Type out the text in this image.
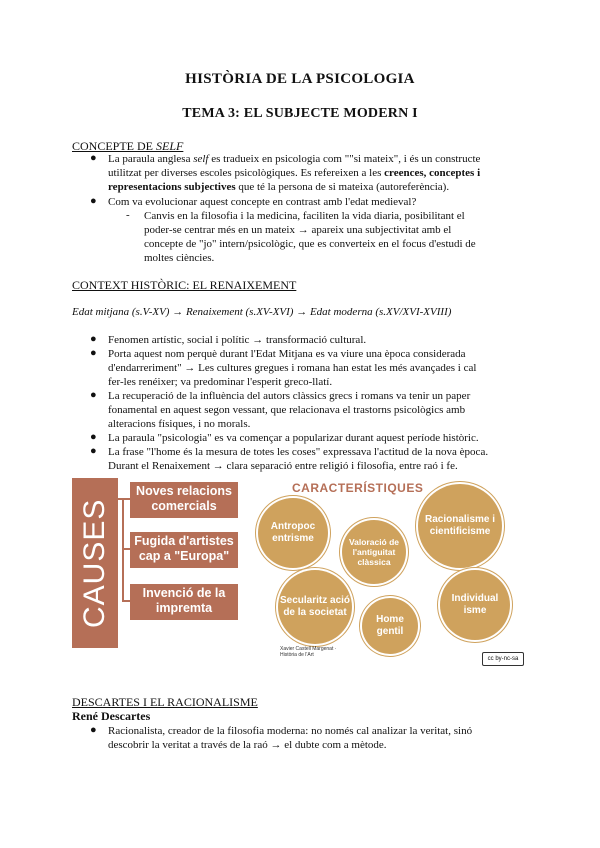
HISTÒRIA DE LA PSICOLOGIA
TEMA 3: EL SUBJECTE MODERN I
CONCEPTE DE SELF
● La paraula anglesa self es tradueix en psicologia com ""si mateix", i és un constructe
utilitzat per diverses escoles psicològiques. Es refereixen a les creences, conceptes i
representacions subjectives que té la persona de si mateixa (autoreferència).
● Com va evolucionar aquest concepte en contrast amb l'edat medieval?
- Canvis en la filosofia i la medicina, faciliten la vida diaria, posibilitant el
poder-se centrar més en un mateix → apareix una subjectivitat amb el
concepte de "jo" intern/psicològic, que es converteix en el focus d'estudi de
moltes ciències.
CONTEXT HISTÒRIC: EL RENAIXEMENT
Edat mitjana (s.V-XV) → Renaixement (s.XV-XVI) → Edat moderna (s.XV/XVI-XVIII)
● Fenomen artístic, social i polític → transformació cultural.
● Porta aquest nom perquè durant l'Edat Mitjana es va viure una època considerada
d'endarreriment" → Les cultures gregues i romana han estat les més avançades i cal
fer-les renéixer; va predominar l'esperit greco-llatí.
● La recuperació de la influència del autors clàssics grecs i romans va tenir un paper
fonamental en aquest segon vessant, que relacionava el trastorns psicològics amb
alteracions físiques, i no morals.
● La paraula "psicologia" es va començar a popularizar durant aquest període històric.
● La frase "l'home és la mesura de totes les coses" expressava l'actitud de la nova època.
Durant el Renaixement → clara separació entre religió i filosofia, entre raó i fe.
CAUSES
Noves relacions comercials
Fugida d'artistes cap a "Europa"
Invenció de la impremta
CARACTERÍSTIQUES
Antropoc entrisme	Valoració de l'antiguitat clàssica
Racionalisme i cientificisme
Secularitz ació de la societat
Home gentil
Individual isme
Xavier Castell Margenat · Història de l'Art
cc by-nc-sa
DESCARTES I EL RACIONALISME
René Descartes
● Racionalista, creador de la filosofia moderna: no només cal analizar la veritat, sinó
descobrir la veritat a través de la raó → el dubte com a mètode.
